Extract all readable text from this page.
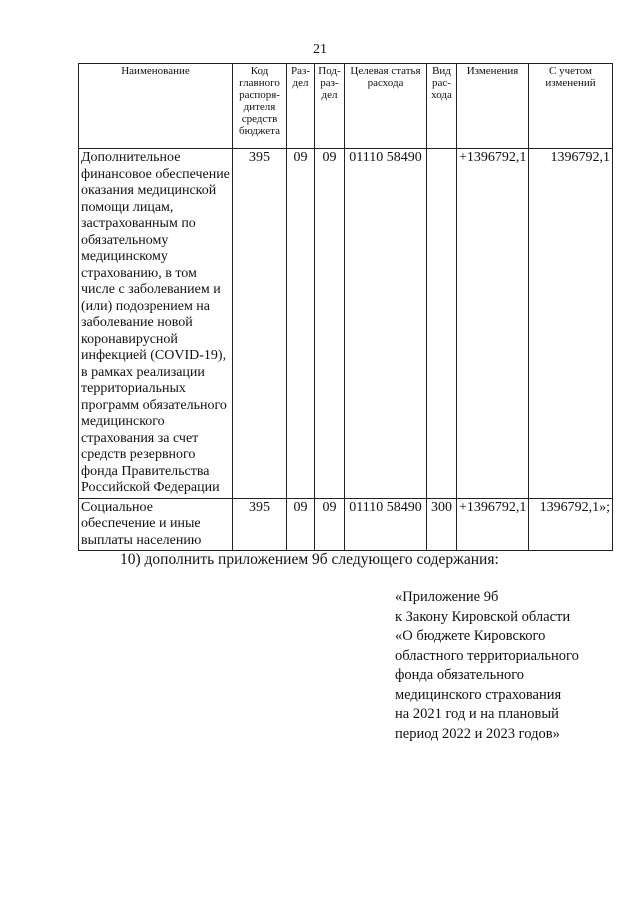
21
Наименование	Код главного распоря-дителя средств бюджета	Раз-дел	Под-раз-дел	Целевая статья расхода	Вид рас-хода	Изменения	С учетом изменений
Дополнительное финансовое обеспечение оказания медицинской помощи лицам, застрахованным по обязательному медицинскому страхованию, в том числе с заболеванием и (или) подозрением на заболевание новой коронавирусной инфекцией (COVID-19), в рамках реализации территориальных программ обязательного медицинского страхования за счет средств резервного фонда Правительства Российской Федерации	395	09	09	01110 58490		+1396792,1	1396792,1
Социальное обеспечение и иные выплаты населению	395	09	09	01110 58490	300	+1396792,1	1396792,1»;
10) дополнить приложением 9б следующего содержания:
«Приложение 9б
к Закону Кировской области
«О бюджете Кировского
областного территориального
фонда обязательного
медицинского страхования
на 2021 год и на плановый
период 2022 и 2023 годов»
